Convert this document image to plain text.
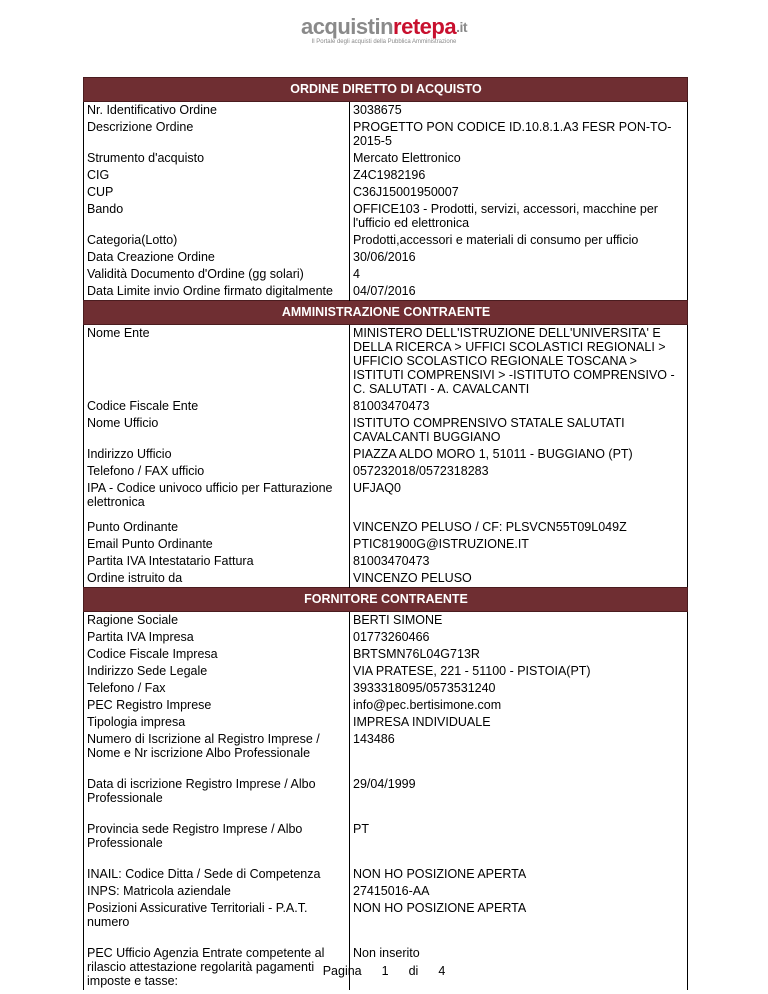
acquistinretepa$^{.it}$
Il Portale degli acquisti della Pubblica Amministrazione
ORDINE DIRETTO DI ACQUISTO	
Nr. Identificativo Ordine	3038675
Descrizione Ordine	PROGETTO PON CODICE ID.10.8.1.A3 FESR PON-TO-2015-5
Strumento d'acquisto	Mercato Elettronico
CIG	Z4C1982196
CUP	C36J15001950007
Bando	OFFICE103 - Prodotti, servizi, accessori, macchine per l'ufficio ed elettronica
Categoria(Lotto)	Prodotti,accessori e materiali di consumo per ufficio
Data Creazione Ordine	30/06/2016
Validità Documento d'Ordine (gg solari)	4
Data Limite invio Ordine firmato digitalmente	04/07/2016
AMMINISTRAZIONE CONTRAENTE	
Nome Ente	MINISTERO DELL'ISTRUZIONE DELL'UNIVERSITA' E DELLA RICERCA > UFFICI SCOLASTICI REGIONALI > UFFICIO SCOLASTICO REGIONALE TOSCANA > ISTITUTI COMPRENSIVI > -ISTITUTO COMPRENSIVO - C. SALUTATI - A. CAVALCANTI
Codice Fiscale Ente	81003470473
Nome Ufficio	ISTITUTO COMPRENSIVO STATALE SALUTATI CAVALCANTI BUGGIANO
Indirizzo Ufficio	PIAZZA ALDO MORO 1, 51011 - BUGGIANO (PT)
Telefono / FAX ufficio	057232018/0572318283
IPA - Codice univoco ufficio per Fatturazione elettronica	UFJAQ0
Punto Ordinante	VINCENZO PELUSO / CF: PLSVCN55T09L049Z
Email Punto Ordinante	PTIC81900G@ISTRUZIONE.IT
Partita IVA Intestatario Fattura	81003470473
Ordine istruito da	VINCENZO PELUSO
FORNITORE CONTRAENTE	
Ragione Sociale	BERTI SIMONE
Partita IVA Impresa	01773260466
Codice Fiscale Impresa	BRTSMN76L04G713R
Indirizzo Sede Legale	VIA PRATESE, 221 - 51100 - PISTOIA(PT)
Telefono / Fax	3933318095/0573531240
PEC Registro Imprese	info@pec.bertisimone.com
Tipologia impresa	IMPRESA INDIVIDUALE
Numero di Iscrizione al Registro Imprese / Nome e Nr iscrizione Albo Professionale	143486
Data di iscrizione Registro Imprese / Albo Professionale	29/04/1999
Provincia sede Registro Imprese / Albo Professionale	PT
INAIL: Codice Ditta / Sede di Competenza	NON HO POSIZIONE APERTA
INPS: Matricola aziendale	27415016-AA
Posizioni Assicurative Territoriali - P.A.T. numero	NON HO POSIZIONE APERTA
PEC Ufficio Agenzia Entrate competente al rilascio attestazione regolarità pagamenti imposte e tasse:	Non inserito
Pagina 1 di 4
